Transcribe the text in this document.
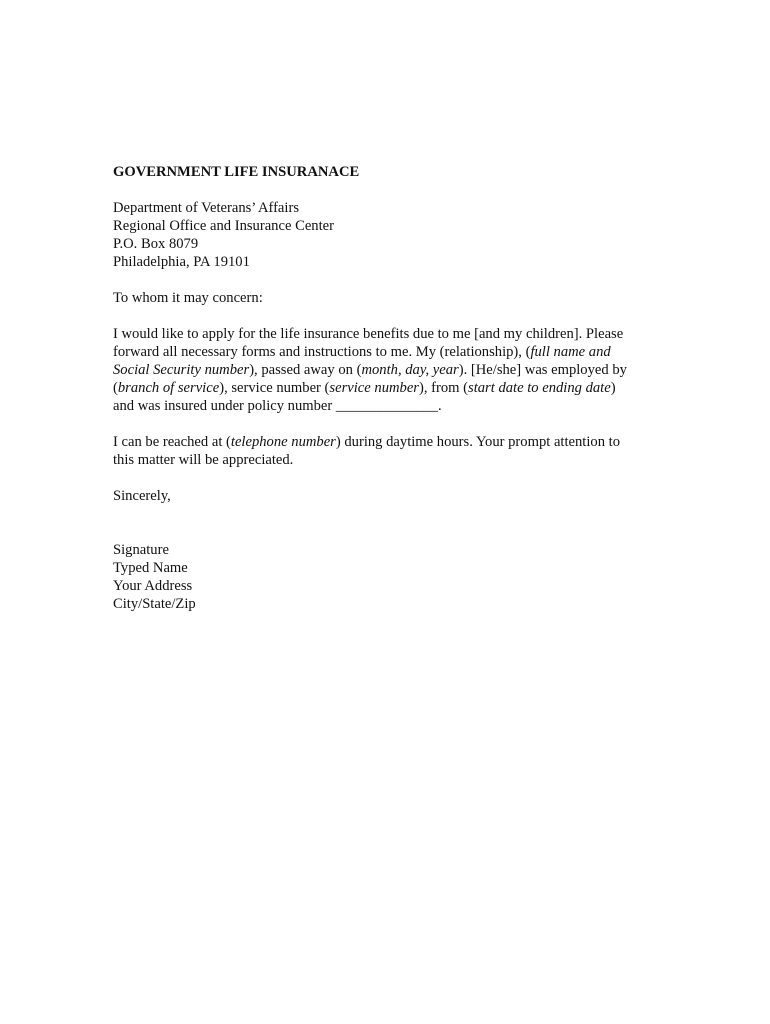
GOVERNMENT LIFE INSURANACE
Department of Veterans’ Affairs
Regional Office and Insurance Center
P.O. Box 8079
Philadelphia, PA 19101
To whom it may concern:
I would like to apply for the life insurance benefits due to me [and my children]. Please
forward all necessary forms and instructions to me. My (relationship), (full name and
Social Security number), passed away on (month, day, year). [He/she] was employed by
(branch of service), service number (service number), from (start date to ending date)
and was insured under policy number ______________.
I can be reached at (telephone number) during daytime hours. Your prompt attention to
this matter will be appreciated.
Sincerely,
Signature
Typed Name
Your Address
City/State/Zip
